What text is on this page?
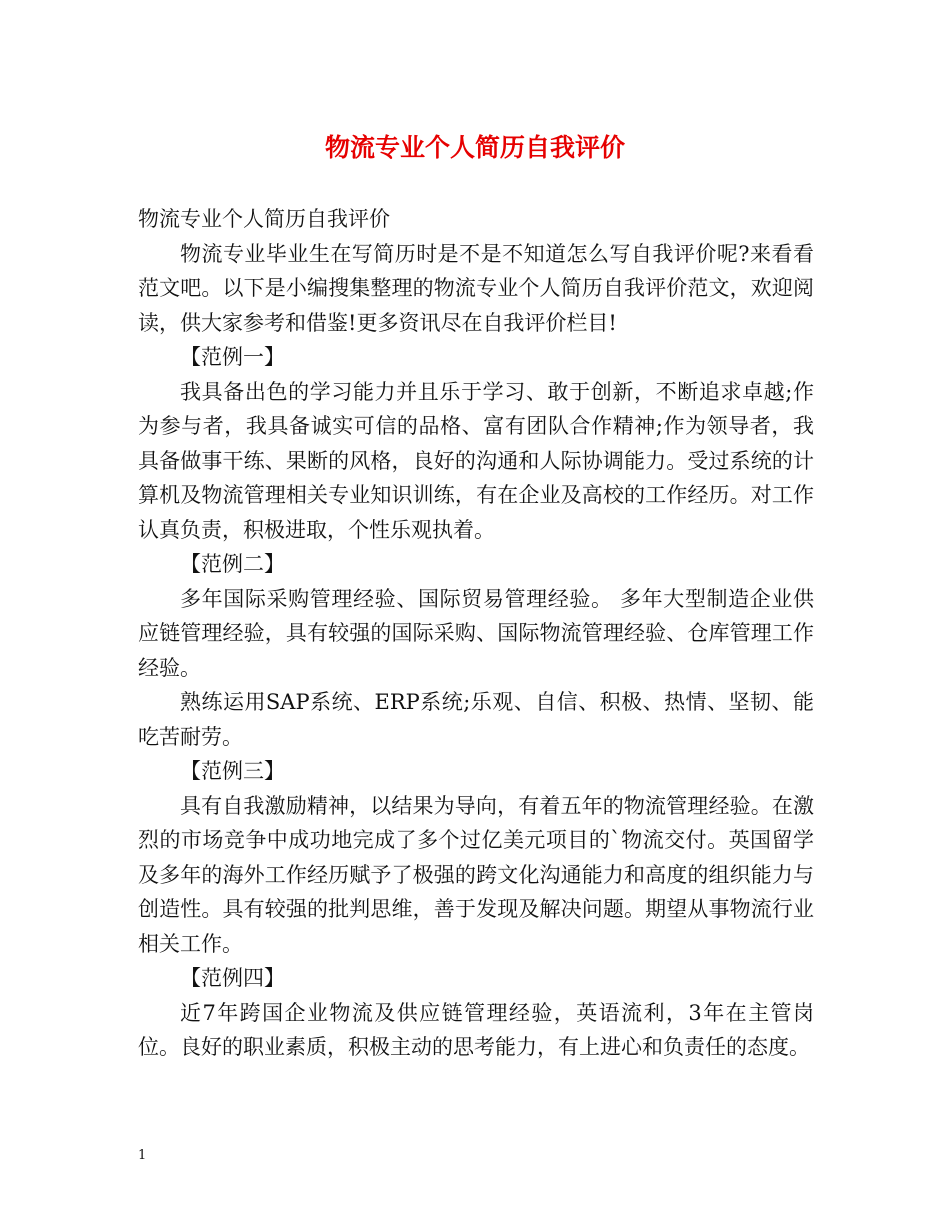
物流专业个人简历自我评价

物流专业个人简历自我评价

物流专业毕业生在写简历时是不是不知道怎么写自我评价呢?来看看范文吧。以下是小编搜集整理的物流专业个人简历自我评价范文，欢迎阅读，供大家参考和借鉴!更多资讯尽在自我评价栏目!

【范例一】

我具备出色的学习能力并且乐于学习、敢于创新，不断追求卓越;作为参与者，我具备诚实可信的品格、富有团队合作精神;作为领导者，我具备做事干练、果断的风格，良好的沟通和人际协调能力。受过系统的计算机及物流管理相关专业知识训练，有在企业及高校的工作经历。对工作认真负责，积极进取，个性乐观执着。

【范例二】

多年国际采购管理经验、国际贸易管理经验。 多年大型制造企业供应链管理经验，具有较强的国际采购、国际物流管理经验、仓库管理工作经验。

熟练运用SAP系统、ERP系统;乐观、自信、积极、热情、坚韧、能吃苦耐劳。

【范例三】

具有自我激励精神，以结果为导向，有着五年的物流管理经验。在激烈的市场竞争中成功地完成了多个过亿美元项目的`物流交付。英国留学及多年的海外工作经历赋予了极强的跨文化沟通能力和高度的组织能力与创造性。具有较强的批判思维，善于发现及解决问题。期望从事物流行业相关工作。

【范例四】

近7年跨国企业物流及供应链管理经验，英语流利，3年在主管岗位。良好的职业素质，积极主动的思考能力，有上进心和负责任的态度。

1
